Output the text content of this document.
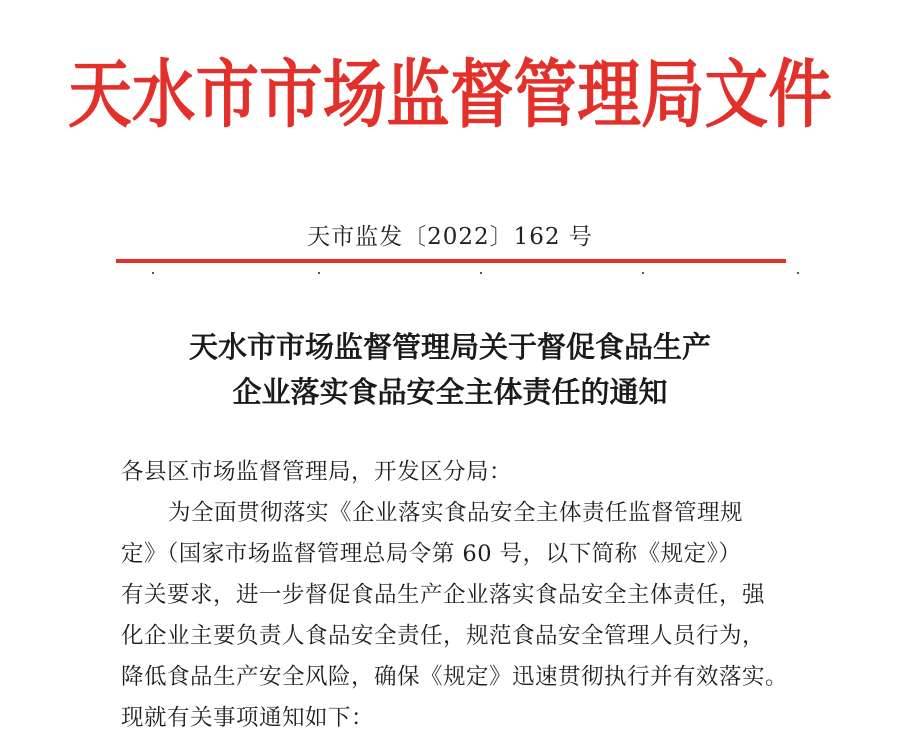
天水市市场监督管理局文件
天市监发〔2022〕162 号
天水市市场监督管理局关于督促食品生产
企业落实食品安全主体责任的通知
各县区市场监督管理局，开发区分局：
为全面贯彻落实《企业落实食品安全主体责任监督管理规
定》（国家市场监督管理总局令第 60 号，以下简称《规定》）
有关要求，进一步督促食品生产企业落实食品安全主体责任，强
化企业主要负责人食品安全责任，规范食品安全管理人员行为，
降低食品生产安全风险，确保《规定》迅速贯彻执行并有效落实。
现就有关事项通知如下：
